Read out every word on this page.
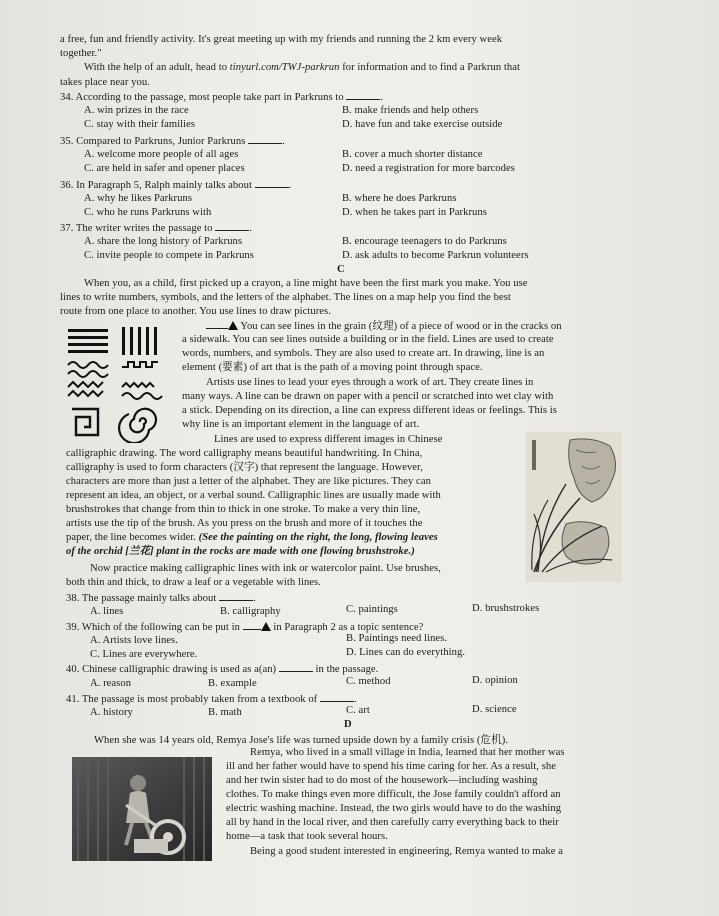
a free, fun and friendly activity. It's great meeting up with my friends and running the 2 km every week
together."
With the help of an adult, head to tinyurl.com/TWJ-parkrun for information and to find a Parkrun that
takes place near you.
34. According to the passage, most people take part in Parkruns to	.
A. win prizes in the race	B. make friends and help others
C. stay with their families	D. have fun and take exercise outside
35. Compared to Parkruns, Junior Parkruns	.
A. welcome more people of all ages	B. cover a much shorter distance
C. are held in safer and opener places	D. need a registration for more barcodes
36. In Paragraph 5, Ralph mainly talks about	.
A. why he likes Parkruns	B. where he does Parkruns
C. who he runs Parkruns with	D. when he takes part in Parkruns
37. The writer writes the passage to	.
A. share the long history of Parkruns	B. encourage teenagers to do Parkruns
C. invite people to compete in Parkruns	D. ask adults to become Parkrun volunteers
C
When you, as a child, first picked up a crayon, a line might have been the first mark you make. You use
lines to write numbers, symbols, and the letters of the alphabet. The lines on a map help you find the best
route from one place to another. You use lines to draw pictures.
You can see lines in the grain (纹理) of a piece of wood or in the cracks on
a sidewalk. You can see lines outside a building or in the field. Lines are used to create
words, numbers, and symbols. They are also used to create art. In drawing, line is an
element (要素) of art that is the path of a moving point through space.
Artists use lines to lead your eyes through a work of art. They create lines in
many ways. A line can be drawn on paper with a pencil or scratched into wet clay with
a stick. Depending on its direction, a line can express different ideas or feelings. This is
why line is an important element in the language of art.
Lines are used to express different images in Chinese
calligraphic drawing. The word calligraphy means beautiful handwriting. In China,
calligraphy is used to form characters (汉字) that represent the language. However,
characters are more than just a letter of the alphabet. They are like pictures. They can
represent an idea, an object, or a verbal sound. Calligraphic lines are usually made with
brushstrokes that change from thin to thick in one stroke. To make a very thin line,
artists use the tip of the brush. As you press on the brush and more of it touches the
paper, the line becomes wider. (See the painting on the right, the long, flowing leaves
of the orchid [兰花] plant in the rocks are made with one flowing brushstroke.)
Now practice making calligraphic lines with ink or watercolor paint. Use brushes,
both thin and thick, to draw a leaf or a vegetable with lines.
38. The passage mainly talks about	.
A. lines	B. calligraphy	C. paintings	D. brushstrokes
39. Which of the following can be put in	in Paragraph 2 as a topic sentence?
A. Artists love lines.	B. Paintings need lines.
C. Lines are everywhere.	D. Lines can do everything.
40. Chinese calligraphic drawing is used as a(an)	in the passage.
A. reason	B. example	C. method	D. opinion
41. The passage is most probably taken from a textbook of	.
A. history	B. math	C. art	D. science
D
When she was 14 years old, Remya Jose's life was turned upside down by a family crisis (危机).
Remya, who lived in a small village in India, learned that her mother was
ill and her father would have to spend his time caring for her. As a result, she
and her twin sister had to do most of the housework—including washing
clothes. To make things even more difficult, the Jose family couldn't afford an
electric washing machine. Instead, the two girls would have to do the washing
all by hand in the local river, and then carefully carry everything back to their
home—a task that took several hours.
Being a good student interested in engineering, Remya wanted to make a
